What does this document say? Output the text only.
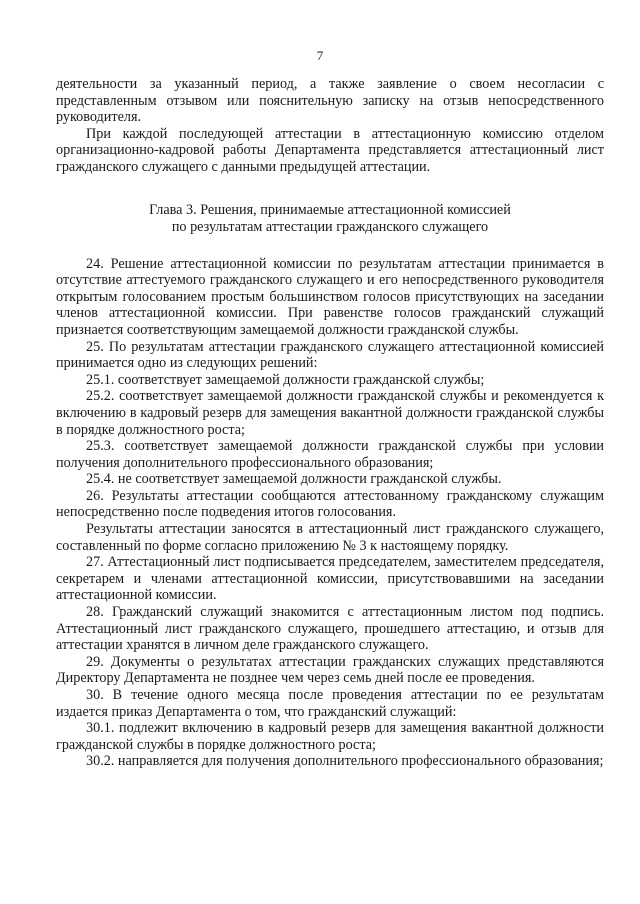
7

деятельности за указанный период, а также заявление о своем несогласии с представленным отзывом или пояснительную записку на отзыв непосредственного руководителя.

При каждой последующей аттестации в аттестационную комиссию отделом организационно-кадровой работы Департамента представляется аттестационный лист гражданского служащего с данными предыдущей аттестации.

Глава 3. Решения, принимаемые аттестационной комиссией

по результатам аттестации гражданского служащего

24. Решение аттестационной комиссии по результатам аттестации принимается в отсутствие аттестуемого гражданского служащего и его непосредственного руководителя открытым голосованием простым большинством голосов присутствующих на заседании членов аттестационной комиссии. При равенстве голосов гражданский служащий признается соответствующим замещаемой должности гражданской службы.

25. По результатам аттестации гражданского служащего аттестационной комиссией принимается одно из следующих решений:

25.1. соответствует замещаемой должности гражданской службы;

25.2. соответствует замещаемой должности гражданской службы и рекомендуется к включению в кадровый резерв для замещения вакантной должности гражданской службы в порядке должностного роста;

25.3. соответствует замещаемой должности гражданской службы при условии получения дополнительного профессионального образования;

25.4. не соответствует замещаемой должности гражданской службы.

26. Результаты аттестации сообщаются аттестованному гражданскому служащим непосредственно после подведения итогов голосования.

Результаты аттестации заносятся в аттестационный лист гражданского служащего, составленный по форме согласно приложению № 3 к настоящему порядку.

27. Аттестационный лист подписывается председателем, заместителем председателя, секретарем и членами аттестационной комиссии, присутствовавшими на заседании аттестационной комиссии.

28. Гражданский служащий знакомится с аттестационным листом под подпись. Аттестационный лист гражданского служащего, прошедшего аттестацию, и отзыв для аттестации хранятся в личном деле гражданского служащего.

29. Документы о результатах аттестации гражданских служащих представляются Директору Департамента не позднее чем через семь дней после ее проведения.

30. В течение одного месяца после проведения аттестации по ее результатам издается приказ Департамента о том, что гражданский служащий:

30.1. подлежит включению в кадровый резерв для замещения вакантной должности гражданской службы в порядке должностного роста;

30.2. направляется для получения дополнительного профессионального образования;
